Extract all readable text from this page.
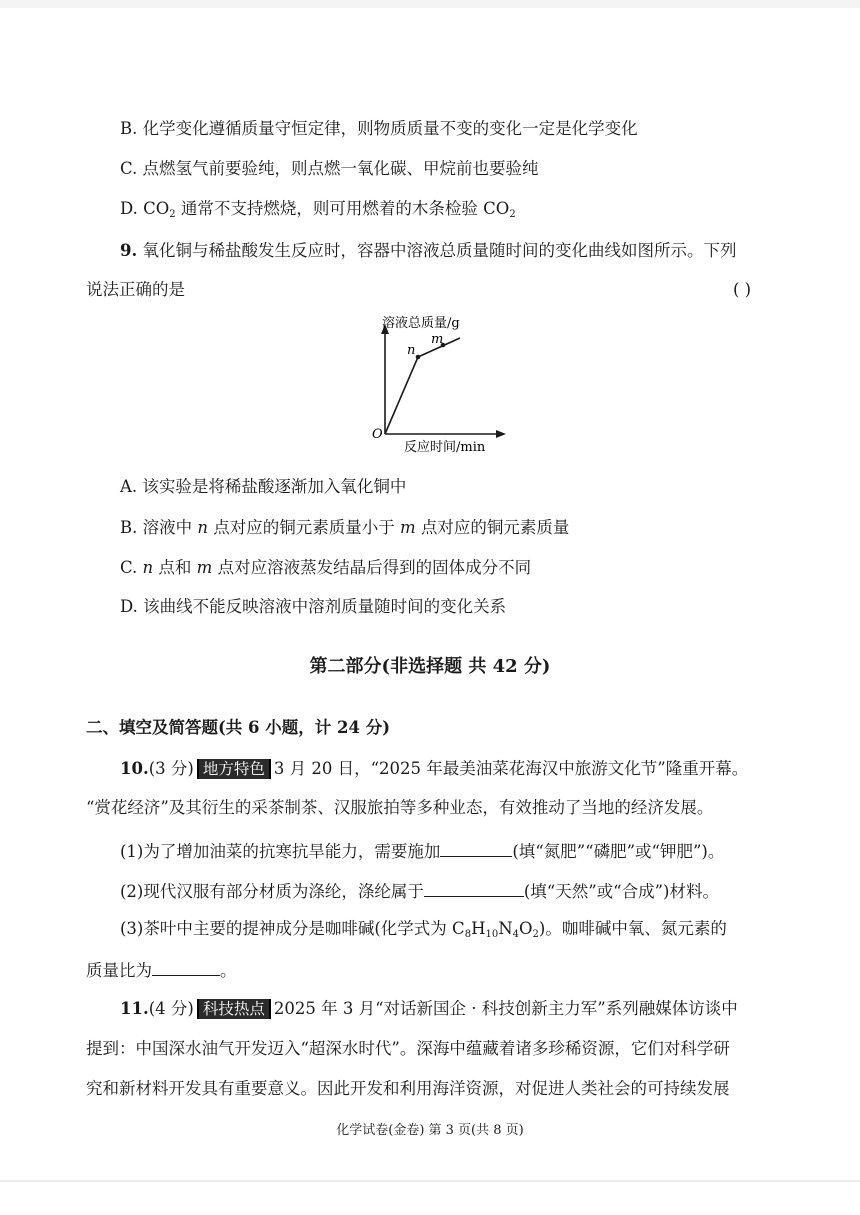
B. 化学变化遵循质量守恒定律，则物质质量不变的变化一定是化学变化
C. 点燃氢气前要验纯，则点燃一氧化碳、甲烷前也要验纯
D. $CO_2$ 通常不支持燃烧，则可用燃着的木条检验 $CO_2$
9. 氧化铜与稀盐酸发生反应时，容器中溶液总质量随时间的变化曲线如图所示。下列
说法正确的是	( )
溶液总质量/g
反应时间/min
O
n
m
A. 该实验是将稀盐酸逐渐加入氧化铜中
B. 溶液中 n 点对应的铜元素质量小于 m 点对应的铜元素质量
C. n 点和 m 点对应溶液蒸发结晶后得到的固体成分不同
D. 该曲线不能反映溶液中溶剂质量随时间的变化关系
第二部分(非选择题 共 42 分)
二、填空及简答题(共 6 小题，计 24 分)
10.(3 分) 地方特色 3 月 20 日，“2025 年最美油菜花海汉中旅游文化节”隆重开幕。
“赏花经济”及其衍生的采茶制茶、汉服旅拍等多种业态，有效推动了当地的经济发展。
(1)为了增加油菜的抗寒抗旱能力，需要施加	(填“氮肥”“磷肥”或“钾肥”)。
(2)现代汉服有部分材质为涤纶，涤纶属于	(填“天然”或“合成”)材料。
(3)茶叶中主要的提神成分是咖啡碱(化学式为 $C_8H_{10}N_4O_2$)。咖啡碱中氧、氮元素的
质量比为	。
11.(4 分) 科技热点 2025 年 3 月“对话新国企 · 科技创新主力军”系列融媒体访谈中
提到：中国深水油气开发迈入“超深水时代”。深海中蕴藏着诸多珍稀资源，它们对科学研
究和新材料开发具有重要意义。因此开发和利用海洋资源，对促进人类社会的可持续发展
化学试卷(金卷) 第 3 页(共 8 页)
